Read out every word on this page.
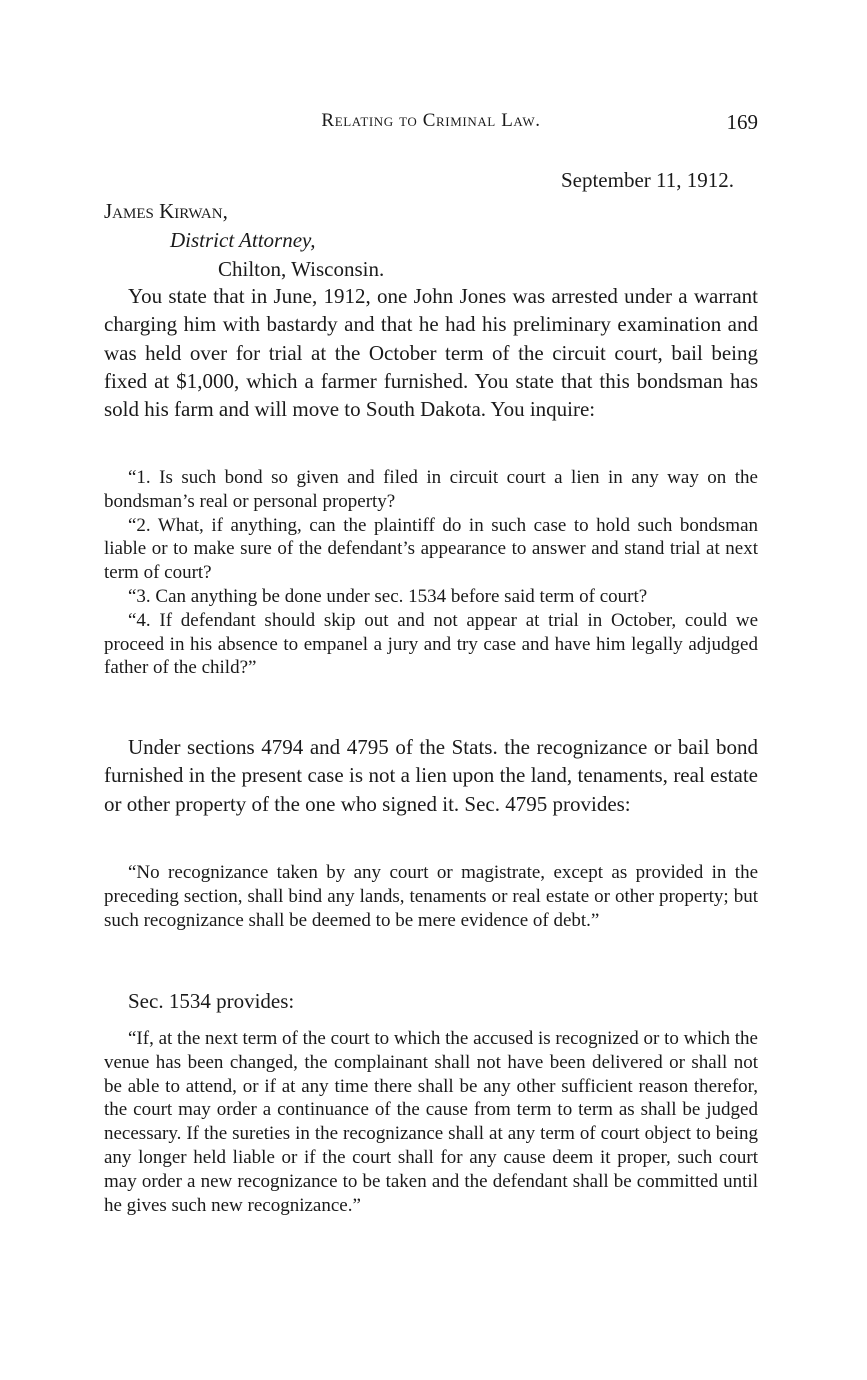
Relating to Criminal Law.	169
September 11, 1912.
James Kirwan,
District Attorney,
Chilton, Wisconsin.

You state that in June, 1912, one John Jones was arrested under a warrant charging him with bastardy and that he had his preliminary examination and was held over for trial at the October term of the circuit court, bail being fixed at $1,000, which a farmer furnished. You state that this bondsman has sold his farm and will move to South Dakota. You inquire:

“1. Is such bond so given and filed in circuit court a lien in any way on the bondsman’s real or personal property?

“2. What, if anything, can the plaintiff do in such case to hold such bondsman liable or to make sure of the defendant’s appearance to answer and stand trial at next term of court?

“3. Can anything be done under sec. 1534 before said term of court?

“4. If defendant should skip out and not appear at trial in October, could we proceed in his absence to empanel a jury and try case and have him legally adjudged father of the child?”

Under sections 4794 and 4795 of the Stats. the recognizance or bail bond furnished in the present case is not a lien upon the land, tenaments, real estate or other property of the one who signed it. Sec. 4795 provides:

“No recognizance taken by any court or magistrate, except as provided in the preceding section, shall bind any lands, tenaments or real estate or other property; but such recognizance shall be deemed to be mere evidence of debt.”

Sec. 1534 provides:

“If, at the next term of the court to which the accused is recognized or to which the venue has been changed, the complainant shall not have been delivered or shall not be able to attend, or if at any time there shall be any other sufficient reason therefor, the court may order a continuance of the cause from term to term as shall be judged necessary. If the sureties in the recognizance shall at any term of court object to being any longer held liable or if the court shall for any cause deem it proper, such court may order a new recognizance to be taken and the defendant shall be committed until he gives such new recognizance.”
